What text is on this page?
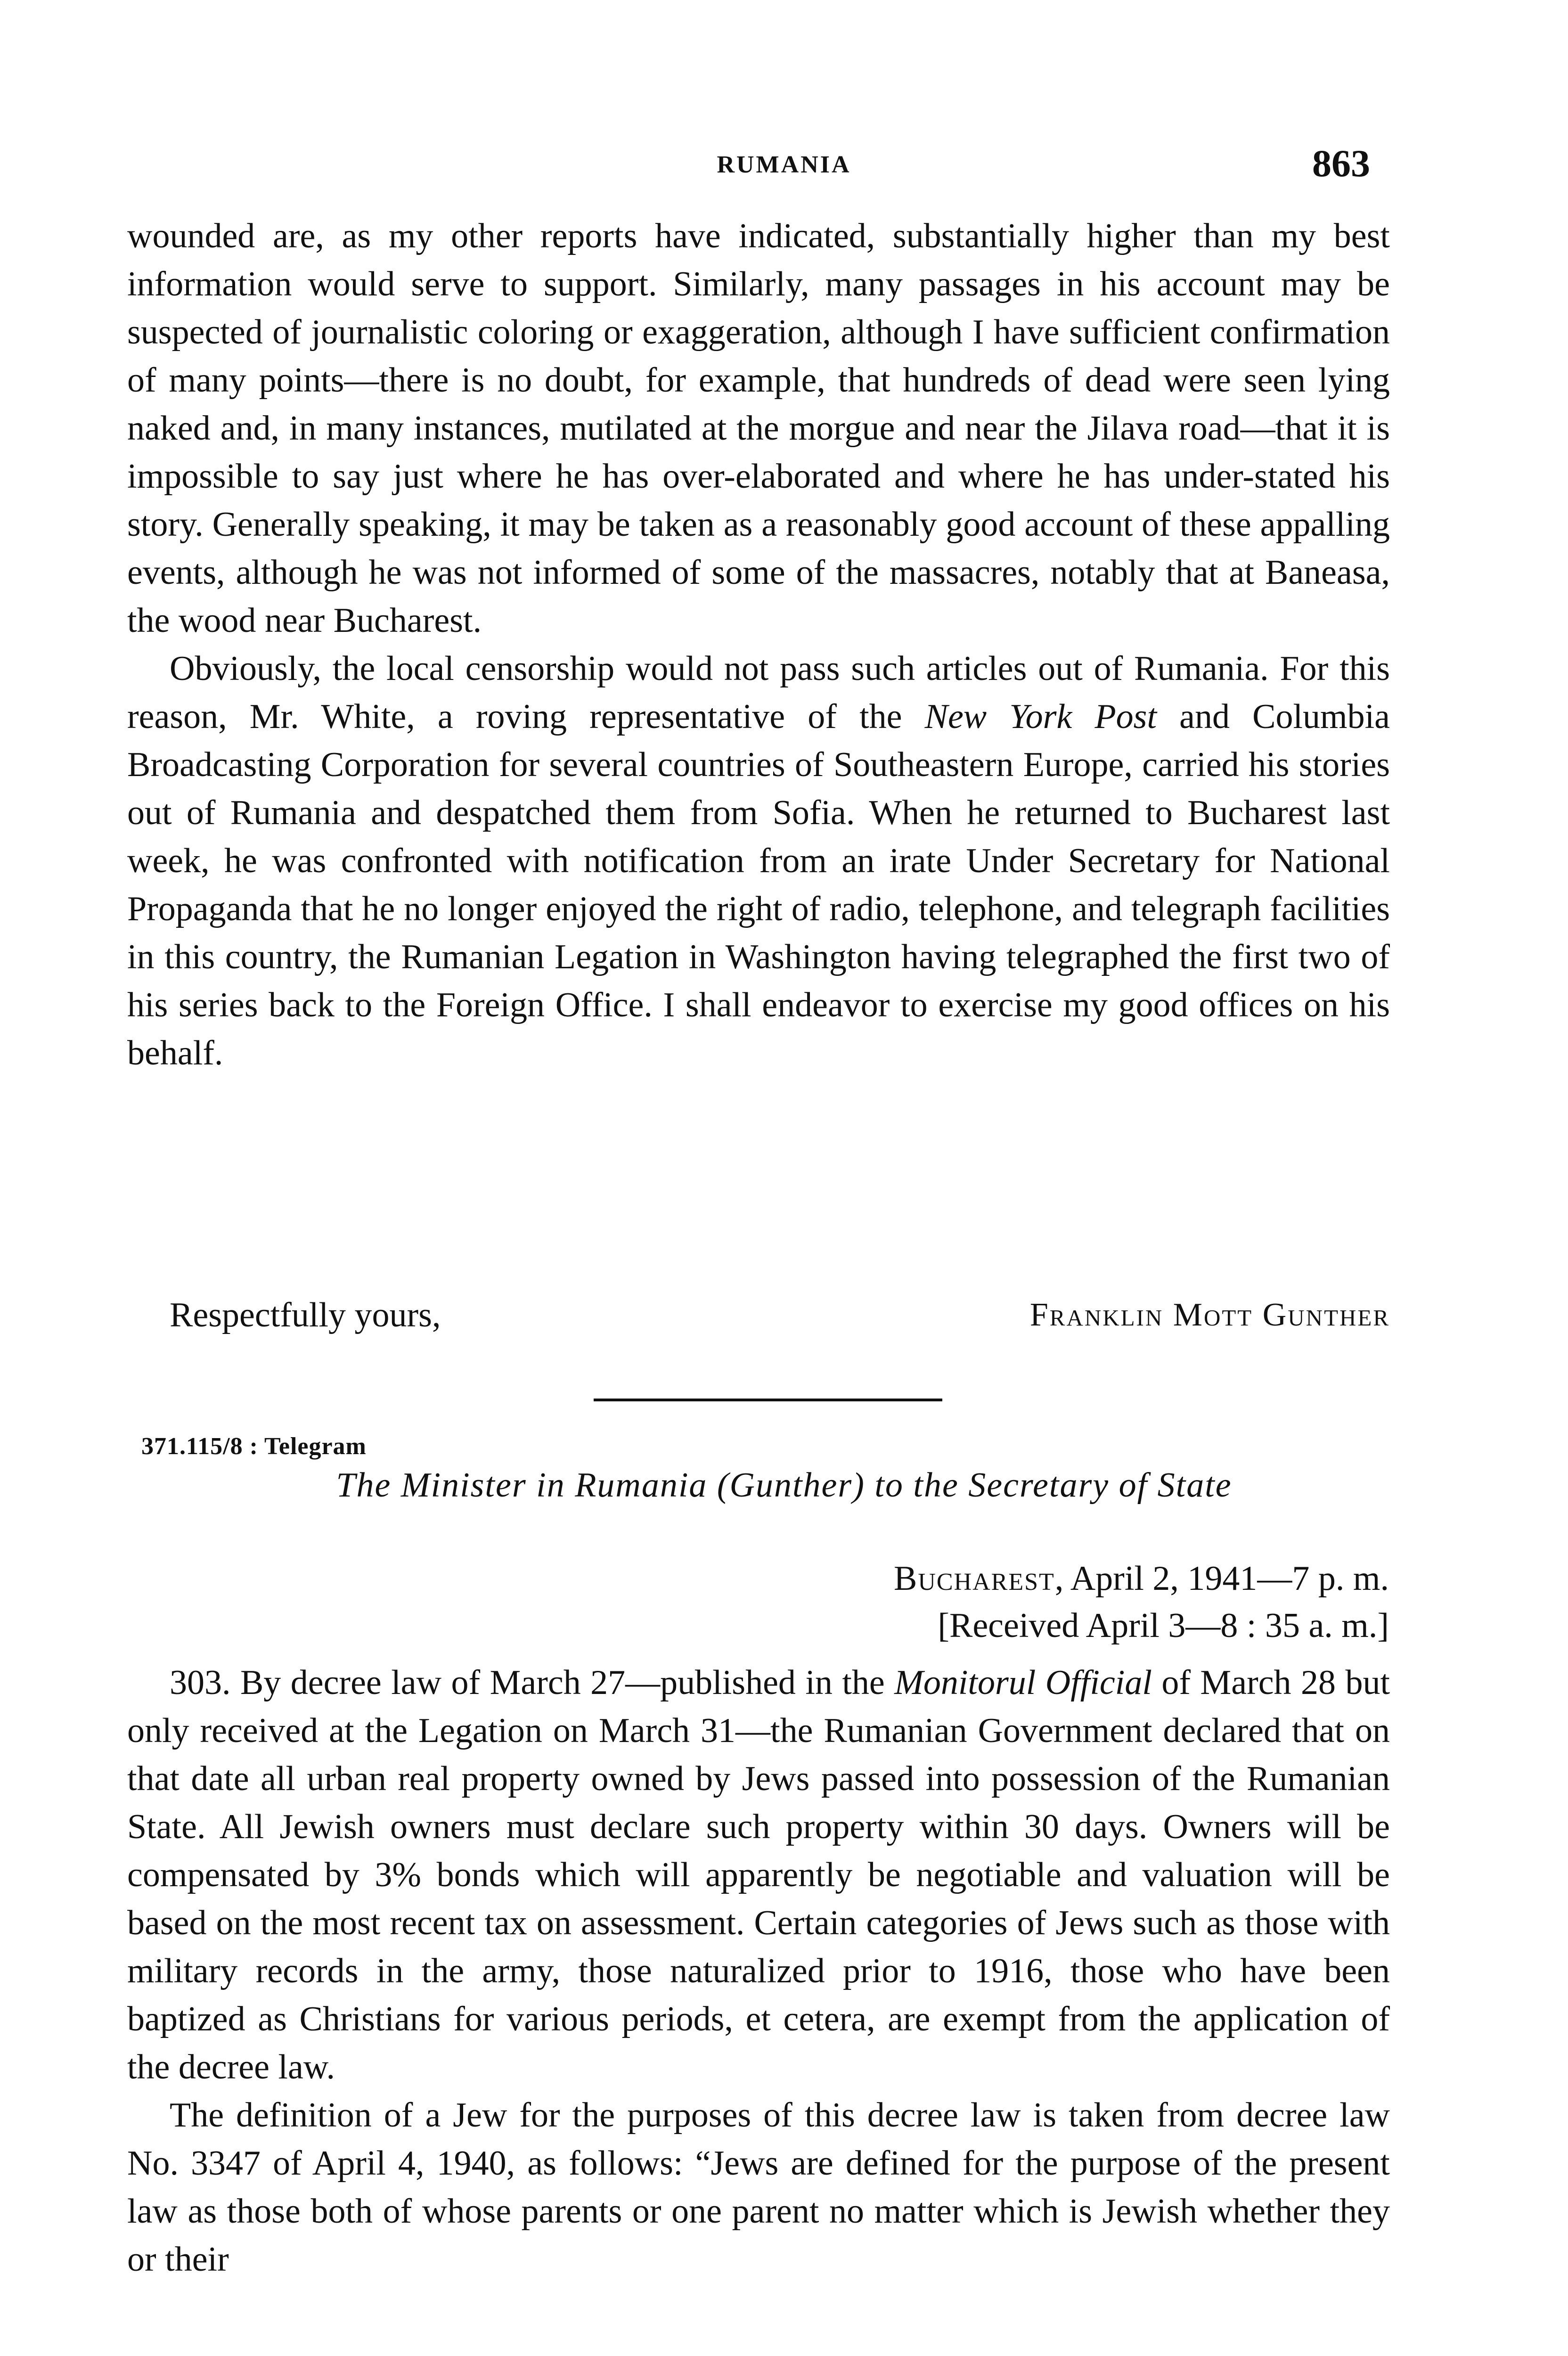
RUMANIA	863

wounded are, as my other reports have indicated, substantially higher than my best information would serve to support. Similarly, many passages in his account may be suspected of journalistic coloring or exaggeration, although I have sufficient confirmation of many points—there is no doubt, for example, that hundreds of dead were seen lying naked and, in many instances, mutilated at the morgue and near the Jilava road—that it is impossible to say just where he has over-elaborated and where he has under-stated his story. Generally speaking, it may be taken as a reasonably good account of these appalling events, although he was not informed of some of the massacres, notably that at Baneasa, the wood near Bucharest.

Obviously, the local censorship would not pass such articles out of Rumania. For this reason, Mr. White, a roving representative of the New York Post and Columbia Broadcasting Corporation for several countries of Southeastern Europe, carried his stories out of Rumania and despatched them from Sofia. When he returned to Bucharest last week, he was confronted with notification from an irate Under Secretary for National Propaganda that he no longer enjoyed the right of radio, telephone, and telegraph facilities in this country, the Rumanian Legation in Washington having telegraphed the first two of his series back to the Foreign Office. I shall endeavor to exercise my good offices on his behalf.

Respectfully yours,	Franklin Mott Gunther
371.115/8 : Telegram
The Minister in Rumania (Gunther) to the Secretary of State
Bucharest, April 2, 1941—7 p. m.
[Received April 3—8 : 35 a. m.]

303. By decree law of March 27—published in the Monitorul Official of March 28 but only received at the Legation on March 31—the Rumanian Government declared that on that date all urban real property owned by Jews passed into possession of the Rumanian State. All Jewish owners must declare such property within 30 days. Owners will be compensated by 3% bonds which will apparently be negotiable and valuation will be based on the most recent tax on assessment. Certain categories of Jews such as those with military records in the army, those naturalized prior to 1916, those who have been baptized as Christians for various periods, et cetera, are exempt from the application of the decree law.

The definition of a Jew for the purposes of this decree law is taken from decree law No. 3347 of April 4, 1940, as follows: “Jews are defined for the purpose of the present law as those both of whose parents or one parent no matter which is Jewish whether they or their
